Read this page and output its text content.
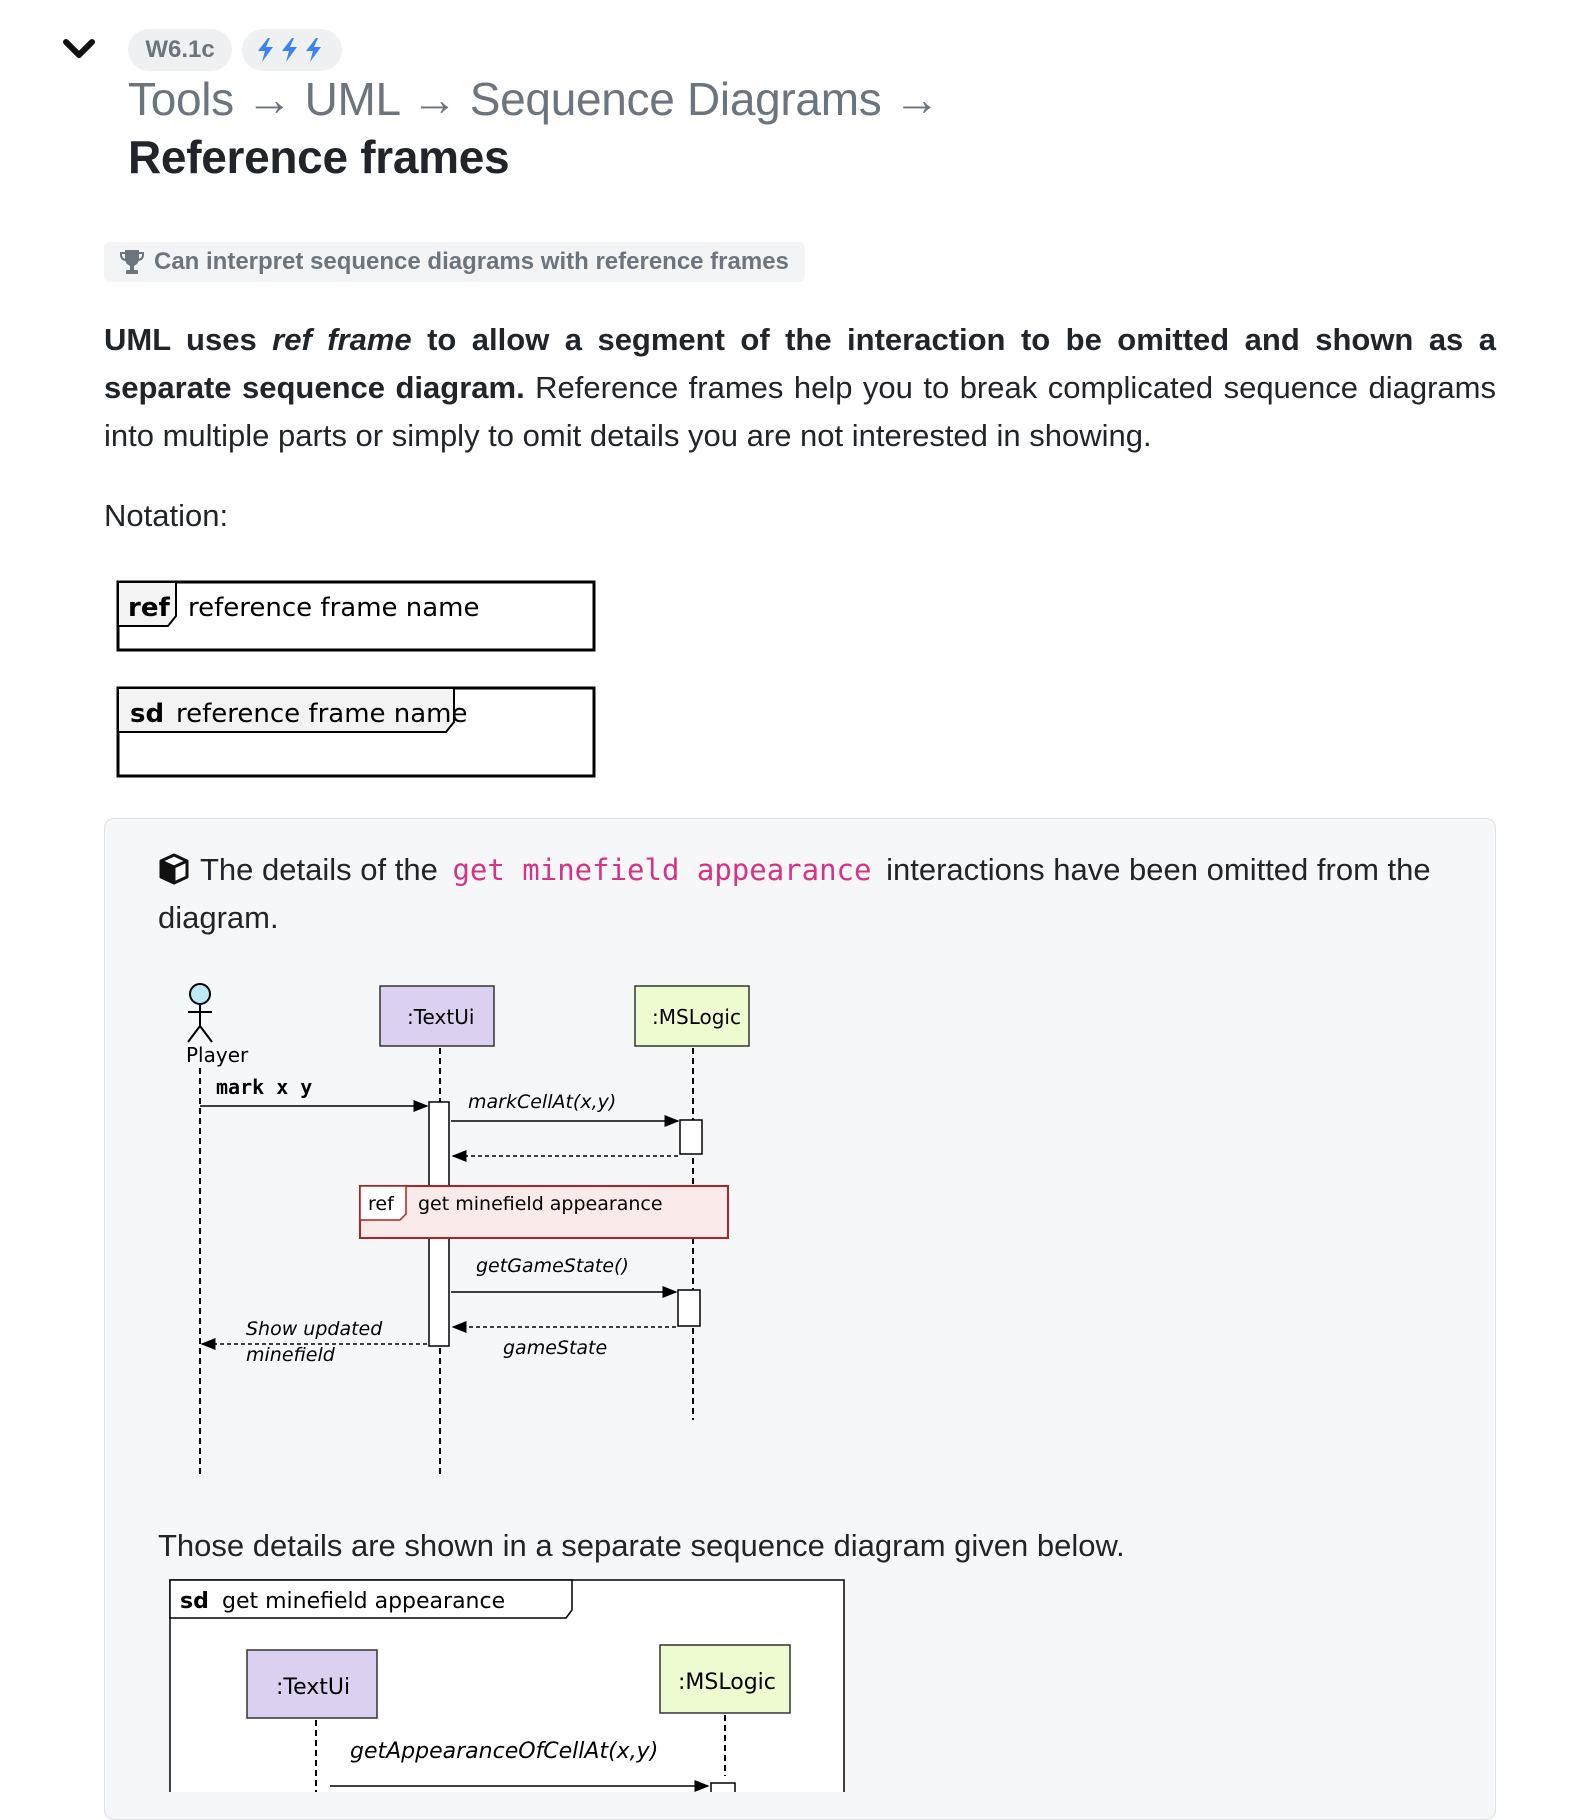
W6.1c
Tools → UML → Sequence Diagrams → Reference frames
Can interpret sequence diagrams with reference frames

UML uses ref frame to allow a segment of the interaction to be omitted and shown as a separate sequence diagram. Reference frames help you to break complicated sequence diagrams into multiple parts or simply to omit details you are not interested in showing.

Notation:

ref reference frame name
sd reference frame name

The details of the get minefield appearance interactions have been omitted from the diagram.

Player
:TextUi	:MSLogic
mark x y
markCellAt(x,y)
ref get minefield appearance
getGameState()
gameState
Show updated
minefield

Those details are shown in a separate sequence diagram given below.

sd get minefield appearance
:TextUi	:MSLogic
getAppearanceOfCellAt(x,y)
